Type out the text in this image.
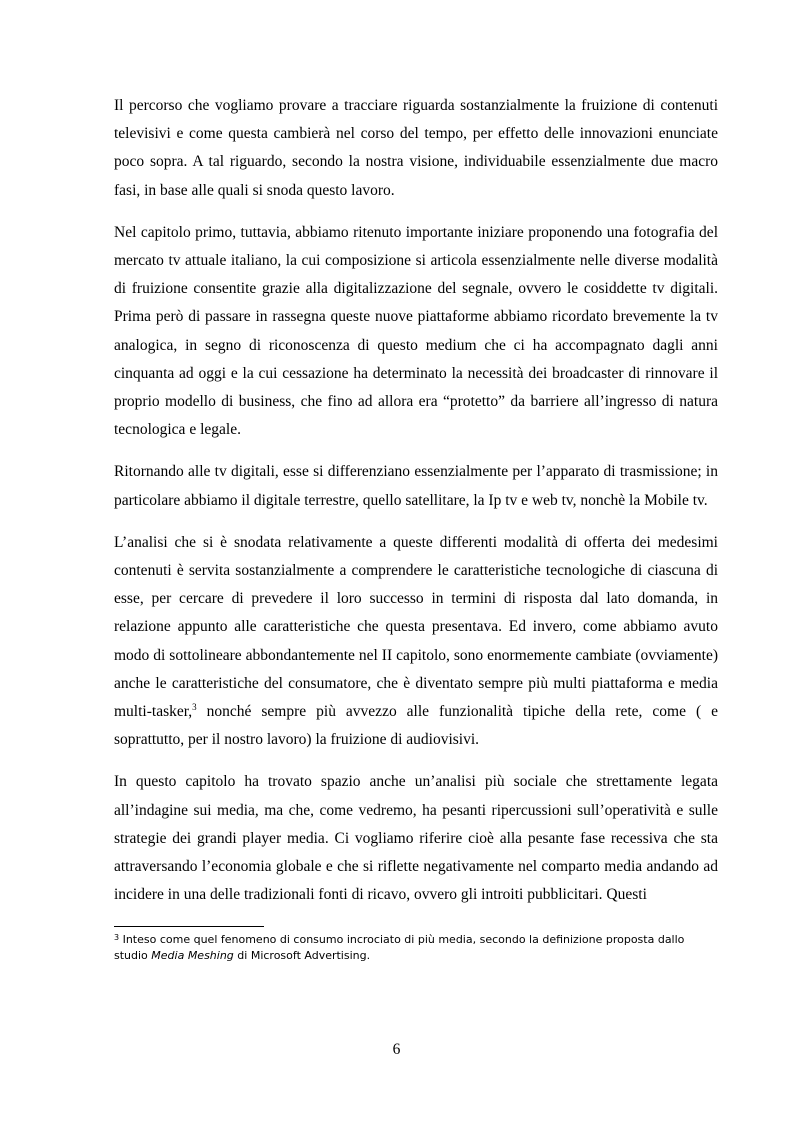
Il percorso che vogliamo provare a tracciare riguarda sostanzialmente la fruizione di contenuti televisivi e come questa cambierà nel corso del tempo, per effetto delle innovazioni enunciate poco sopra. A tal riguardo, secondo la nostra visione, individuabile essenzialmente due macro fasi, in base alle quali si snoda questo lavoro.

Nel capitolo primo, tuttavia, abbiamo ritenuto importante iniziare proponendo una fotografia del mercato tv attuale italiano, la cui composizione si articola essenzialmente nelle diverse modalità di fruizione consentite grazie alla digitalizzazione del segnale, ovvero le cosiddette tv digitali. Prima però di passare in rassegna queste nuove piattaforme abbiamo ricordato brevemente la tv analogica, in segno di riconoscenza di questo medium che ci ha accompagnato dagli anni cinquanta ad oggi e la cui cessazione ha determinato la necessità dei broadcaster di rinnovare il proprio modello di business, che fino ad allora era “protetto” da barriere all’ingresso di natura tecnologica e legale.

Ritornando alle tv digitali, esse si differenziano essenzialmente per l’apparato di trasmissione; in particolare abbiamo il digitale terrestre, quello satellitare, la Ip tv e web tv, nonchè la Mobile tv.

L’analisi che si è snodata relativamente a queste differenti modalità di offerta dei medesimi contenuti è servita sostanzialmente a comprendere le caratteristiche tecnologiche di ciascuna di esse, per cercare di prevedere il loro successo in termini di risposta dal lato domanda, in relazione appunto alle caratteristiche che questa presentava. Ed invero, come abbiamo avuto modo di sottolineare abbondantemente nel II capitolo, sono enormemente cambiate (ovviamente) anche le caratteristiche del consumatore, che è diventato sempre più multi piattaforma e media multi-tasker,$^3$ nonché sempre più avvezzo alle funzionalità tipiche della rete, come ( e soprattutto, per il nostro lavoro) la fruizione di audiovisivi.

In questo capitolo ha trovato spazio anche un’analisi più sociale che strettamente legata all’indagine sui media, ma che, come vedremo, ha pesanti ripercussioni sull’operatività e sulle strategie dei grandi player media. Ci vogliamo riferire cioè alla pesante fase recessiva che sta attraversando l’economia globale e che si riflette negativamente nel comparto media andando ad incidere in una delle tradizionali fonti di ricavo, ovvero gli introiti pubblicitari. Questi

$^3$ Inteso come quel fenomeno di consumo incrociato di più media, secondo la definizione proposta dallo studio Media Meshing di Microsoft Advertising.
6
